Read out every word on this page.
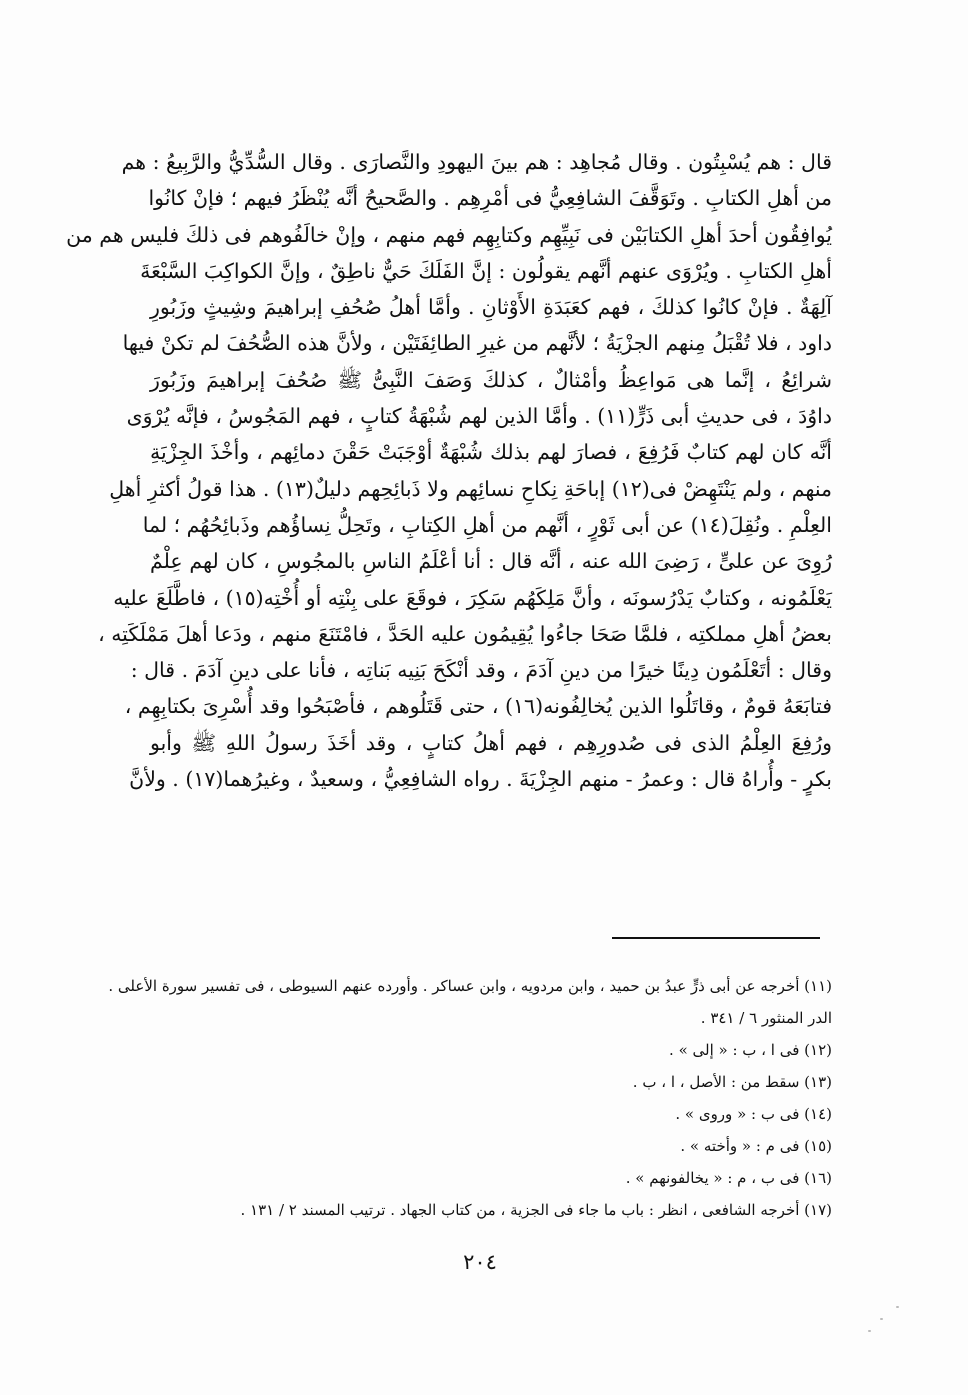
قال : هم يُسْبِتُون . وقال مُجاهِد : هم بينَ اليهودِ والنَّصارَى . وقال السُّدِّيُّ والرَّبِيعُ : هم
من أهلِ الكتابِ . وتَوَقَّفَ الشافِعِيُّ فى أمْرِهِم . والصَّحيحُ أنَّه يُنْظَرُ فيهم ؛ فإنْ كانُوا
يُوافِقُون أحدَ أهلِ الكتابَيْن فى نَبِيِّهِم وكتابِهِم فهم منهم ، وإنْ خالَفُوهم فى ذلكَ فليس هم من
أهلِ الكتابِ . ويُرْوَى عنهم أنَّهم يقولُون : إنَّ الفَلَكَ حَيٌّ ناطِقٌ ، وإنَّ الكواكِبَ السَّبْعَةَ
آلِهَةٌ . فإنْ كانُوا كذلكَ ، فهم كعَبَدَةِ الأَوْثانِ . وأمَّا أهلُ صُحُفِ إبراهيمَ وشِيثٍ وزَبُورِ
داود ، فلا تُقْبَلُ مِنهم الجزْيَةُ ؛ لأنَّهم من غيرِ الطائِفَتَيْن ، ولأنَّ هذه الصُّحُفَ لم تكنْ فيها
شرائِعُ ، إنَّما هى مَواعِظُ وأمْثالٌ ، كذلكَ وَصَفَ النَّبِىُّ ﷺ صُحُفَ إبراهيمَ وزَبُورَ
داوُدَ ، فى حديثِ أبى ذَرٍّ(١١) . وأمَّا الذين لهم شُبْهَةُ كتابٍ ، فهم المَجُوسُ ، فإنَّه يُرْوَى
أنَّه كان لهم كتابٌ فَرُفِعَ ، فصارَ لهم بذلك شُبْهَةٌ أوْجَبَتْ حَقْنَ دمائِهم ، وأخْذَ الجِزْيَةِ
منهم ، ولم يَنْتَهِضْ فى(١٢) إباحَةِ نِكاحِ نسائِهم ولا ذَبائِحِهم دليلٌ(١٣) . هذا قولُ أكثرِ أهلِ
العِلْمِ . ونُقِلَ(١٤) عن أبى ثَوْرٍ ، أنَّهم من أهلِ الكِتابِ ، وتَحِلُّ نِساؤُهم وذَبائِحُهُم ؛ لما
رُوِىَ عن علىٍّ ، رَضِىَ الله عنه ، أنَّه قال : أنا أعْلَمُ الناسِ بالمجُوسِ ، كان لهم عِلْمٌ
يَعْلَمُونه ، وكتابٌ يَدْرُسونَه ، وأنَّ مَلِكَهُم سَكِرَ ، فوقَعَ على بِنْتِه أو أُخْتِه(١٥) ، فاطَّلَعَ عليه
بعضُ أهلِ مملكتِه ، فلمَّا صَحَا جاءُوا يُقِيمُون عليه الحَدَّ ، فامْتَنَعَ منهم ، ودَعا أهلَ مَمْلَكَتِه ،
وقال : أتَعْلَمُون دِينًا خيرًا من دينِ آدَمَ ، وقد أنْكَحَ بَنِيه بَناتِه ، فأنا على دينِ آدَمَ . قال :
فتابَعَهُ قومٌ ، وقاتَلُوا الذين يُخالِفُونه(١٦) ، حتى قَتَلُوهم ، فأصْبَحُوا وقد أُسْرِىَ بكتابِهِم ،
ورُفِعَ العِلْمُ الذى فى صُدورِهِم ، فهم أهلُ كتابٍ ، وقد أخَذَ رسولُ اللهِ ﷺ وأبو
بكرٍ - وأُراهُ قال : وعمرُ - منهم الجِزْيَةَ . رواه الشافِعِيُّ ، وسعيدٌ ، وغيرُهما(١٧) . ولأنَّ
(١١) أخرجه عن أبى ذرٍّ عبدُ بن حميد ، وابن مردويه ، وابن عساكر . وأورده عنهم السيوطى ، فى تفسير سورة الأعلى .
الدر المنثور ٦ / ٣٤١ .
(١٢) فى ا ، ب : « إلى » .
(١٣) سقط من : الأصل ، ا ، ب .
(١٤) فى ب : « وروى » .
(١٥) فى م : « وأخته » .
(١٦) فى ب ، م : « يخالفونهم » .
(١٧) أخرجه الشافعى ، انظر : باب ما جاء فى الجزية ، من كتاب الجهاد . ترتيب المسند ٢ / ١٣١ .
٢٠٤
